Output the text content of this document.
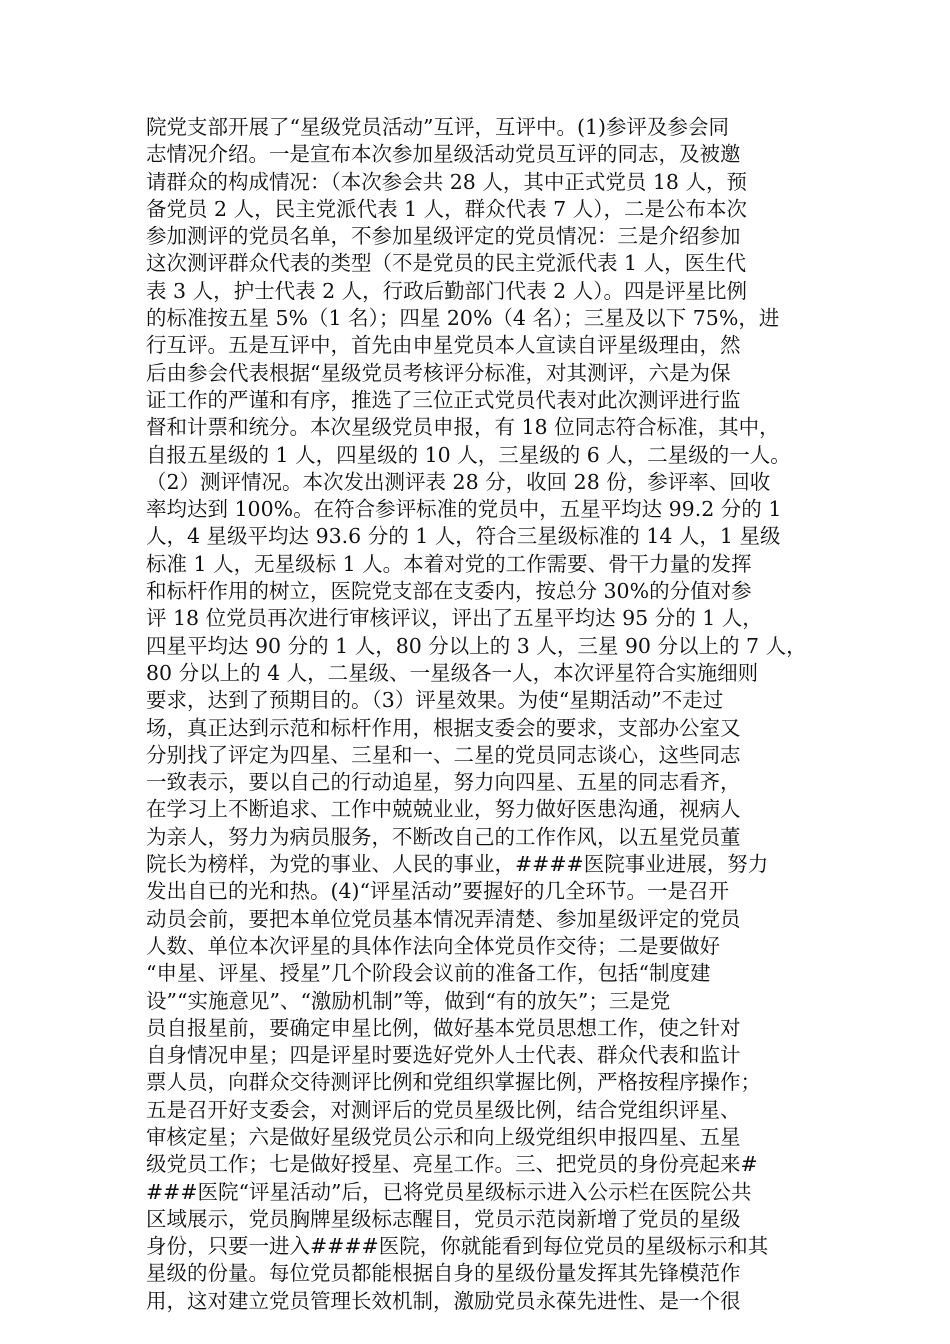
院党支部开展了“星级党员活动”互评，互评中。(1)参评及参会同
志情况介绍。一是宣布本次参加星级活动党员互评的同志，及被邀
请群众的构成情况：（本次参会共 28 人，其中正式党员 18 人，预
备党员 2 人，民主党派代表 1 人，群众代表 7 人），二是公布本次
参加测评的党员名单，不参加星级评定的党员情况：三是介绍参加
这次测评群众代表的类型（不是党员的民主党派代表 1 人，医生代
表 3 人，护士代表 2 人，行政后勤部门代表 2 人）。四是评星比例
的标准按五星 5%（1 名）；四星 20%（4 名）；三星及以下 75%，进
行互评。五是互评中，首先由申星党员本人宣读自评星级理由，然
后由参会代表根据“星级党员考核评分标准，对其测评，六是为保
证工作的严谨和有序，推选了三位正式党员代表对此次测评进行监
督和计票和统分。本次星级党员申报，有 18 位同志符合标准，其中，
自报五星级的 1 人，四星级的 10 人，三星级的 6 人，二星级的一人。
（2）测评情况。本次发出测评表 28 分，收回 28 份，参评率、回收
率均达到 100%。在符合参评标准的党员中，五星平均达 99.2 分的 1
人，4 星级平均达 93.6 分的 1 人，符合三星级标准的 14 人，1 星级
标准 1 人，无星级标 1 人。本着对党的工作需要、骨干力量的发挥
和标杆作用的树立，医院党支部在支委内，按总分 30%的分值对参
评 18 位党员再次进行审核评议，评出了五星平均达 95 分的 1 人，
四星平均达 90 分的 1 人，80 分以上的 3 人，三星 90 分以上的 7 人，
80 分以上的 4 人，二星级、一星级各一人，本次评星符合实施细则
要求，达到了预期目的。（3）评星效果。为使“星期活动”不走过
场，真正达到示范和标杆作用，根据支委会的要求，支部办公室又
分别找了评定为四星、三星和一、二星的党员同志谈心，这些同志
一致表示，要以自己的行动追星，努力向四星、五星的同志看齐，
在学习上不断追求、工作中兢兢业业，努力做好医患沟通，视病人
为亲人，努力为病员服务，不断改自己的工作作风，以五星党员董
院长为榜样，为党的事业、人民的事业，####医院事业进展，努力
发出自已的光和热。(4)“评星活动”要握好的几全环节。一是召开
动员会前，要把本单位党员基本情况弄清楚、参加星级评定的党员
人数、单位本次评星的具体作法向全体党员作交待；二是要做好
“申星、评星、授星”几个阶段会议前的准备工作，包括“制度建
设”“实施意见”、“激励机制”等，做到“有的放矢”；三是党
员自报星前，要确定申星比例，做好基本党员思想工作，使之针对
自身情况申星；四是评星时要选好党外人士代表、群众代表和监计
票人员，向群众交待测评比例和党组织掌握比例，严格按程序操作；
五是召开好支委会，对测评后的党员星级比例，结合党组织评星、
审核定星；六是做好星级党员公示和向上级党组织申报四星、五星
级党员工作；七是做好授星、亮星工作。三、把党员的身份亮起来#
###医院“评星活动”后，已将党员星级标示进入公示栏在医院公共
区域展示，党员胸牌星级标志醒目，党员示范岗新增了党员的星级
身份，只要一进入####医院，你就能看到每位党员的星级标示和其
星级的份量。每位党员都能根据自身的星级份量发挥其先锋模范作
用，这对建立党员管理长效机制，激励党员永葆先进性、是一个很
